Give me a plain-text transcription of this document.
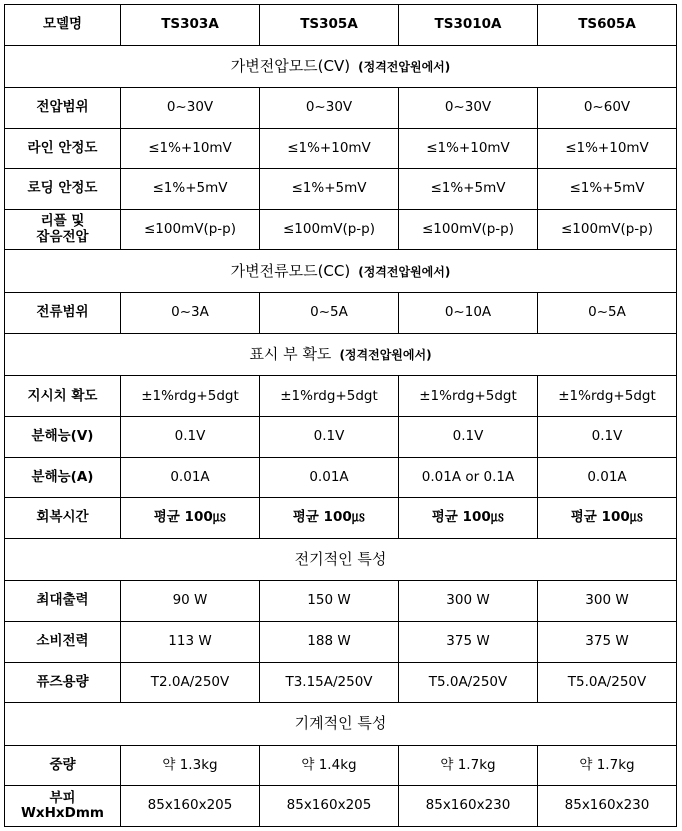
모델명	TS303A	TS305A	TS3010A	TS605A
가변전압모드(CV) (정격전압원에서)				
전압범위	0~30V	0~30V	0~30V	0~60V
라인 안정도	≤1%+10mV	≤1%+10mV	≤1%+10mV	≤1%+10mV
로딩 안정도	≤1%+5mV	≤1%+5mV	≤1%+5mV	≤1%+5mV
리플 및
잡음전압	≤100mV(p-p)	≤100mV(p-p)	≤100mV(p-p)	≤100mV(p-p)
가변전류모드(CC) (정격전압원에서)				
전류범위	0~3A	0~5A	0~10A	0~5A
표시 부 확도 (정격전압원에서)				
지시치 확도	±1%rdg+5dgt	±1%rdg+5dgt	±1%rdg+5dgt	±1%rdg+5dgt
분해능(V)	0.1V	0.1V	0.1V	0.1V
분해능(A)	0.01A	0.01A	0.01A or 0.1A	0.01A
회복시간	평균 100㎲	평균 100㎲	평균 100㎲	평균 100㎲
전기적인 특성				
최대출력	90 W	150 W	300 W	300 W
소비전력	113 W	188 W	375 W	375 W
퓨즈용량	T2.0A/250V	T3.15A/250V	T5.0A/250V	T5.0A/250V
기계적인 특성				
중량	약 1.3kg	약 1.4kg	약 1.7kg	약 1.7kg
부피
WxHxDmm	85x160x205	85x160x205	85x160x230	85x160x230
